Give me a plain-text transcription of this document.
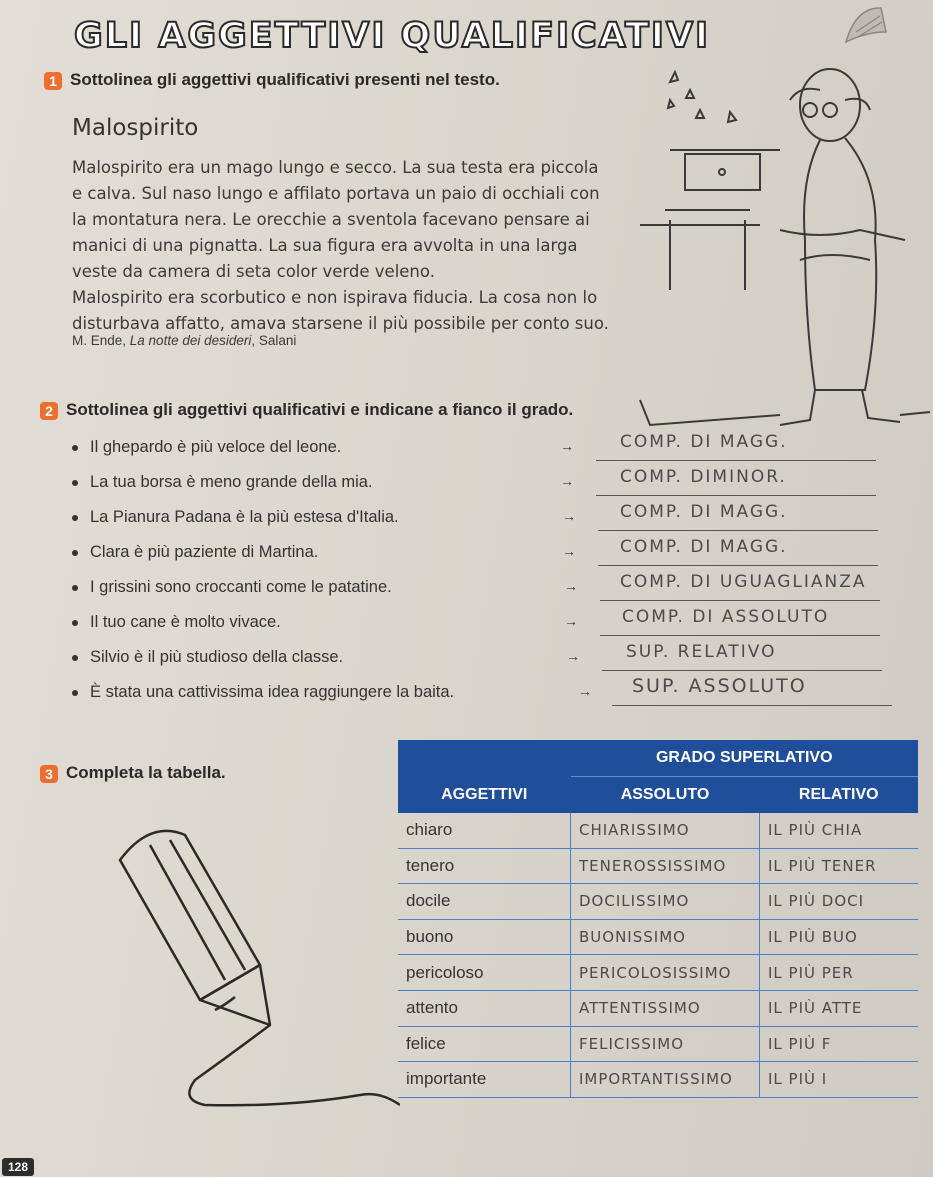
GLI AGGETTIVI QUALIFICATIVI
1 Sottolinea gli aggettivi qualificativi presenti nel testo.
Malospirito
Malospirito era un mago lungo e secco. La sua testa era piccola
e calva. Sul naso lungo e affilato portava un paio di occhiali con
la montatura nera. Le orecchie a sventola facevano pensare ai
manici di una pignatta. La sua figura era avvolta in una larga
veste da camera di seta color verde veleno.
Malospirito era scorbutico e non ispirava fiducia. La cosa non lo
disturbava affatto, amava starsene il più possibile per conto suo.
M. Ende, La notte dei desideri, Salani
2 Sottolinea gli aggettivi qualificativi e indicane a fianco il grado.
Il ghepardo è più veloce del leone.	→	COMP. DI MAGG.
La tua borsa è meno grande della mia.	→	COMP. DIMINOR.
La Pianura Padana è la più estesa d'Italia.	→	COMP. DI MAGG.
Clara è più paziente di Martina.	→	COMP. DI MAGG.
I grissini sono croccanti come le patatine.	→ COMP. DI UGUAGLIANZA
Il tuo cane è molto vivace.	→	COMP. DI ASSOLUTO
Silvio è il più studioso della classe.	→	SUP. RELATIVO
È stata una cattivissima idea raggiungere la baita.	→ SUP. ASSOLUTO
3 Completa la tabella.
	GRADO SUPERLATIVO	
AGGETTIVI	ASSOLUTO	RELATIVO
chiaro	CHIARISSIMO	IL PIÙ CHIA

tenero	TENEROSSISSIMO	IL PIÙ TENER

docile	DOCILISSIMO	IL PIÙ DOCI

buono	BUONISSIMO	IL PIÙ BUO

pericoloso	PERICOLOSISSIMO	IL PIÙ PER

attento	ATTENTISSIMO	IL PIÙ ATTE

felice	FELICISSIMO	IL PIÙ F

importante	IMPORTANTISSIMO	IL PIÙ I
128
